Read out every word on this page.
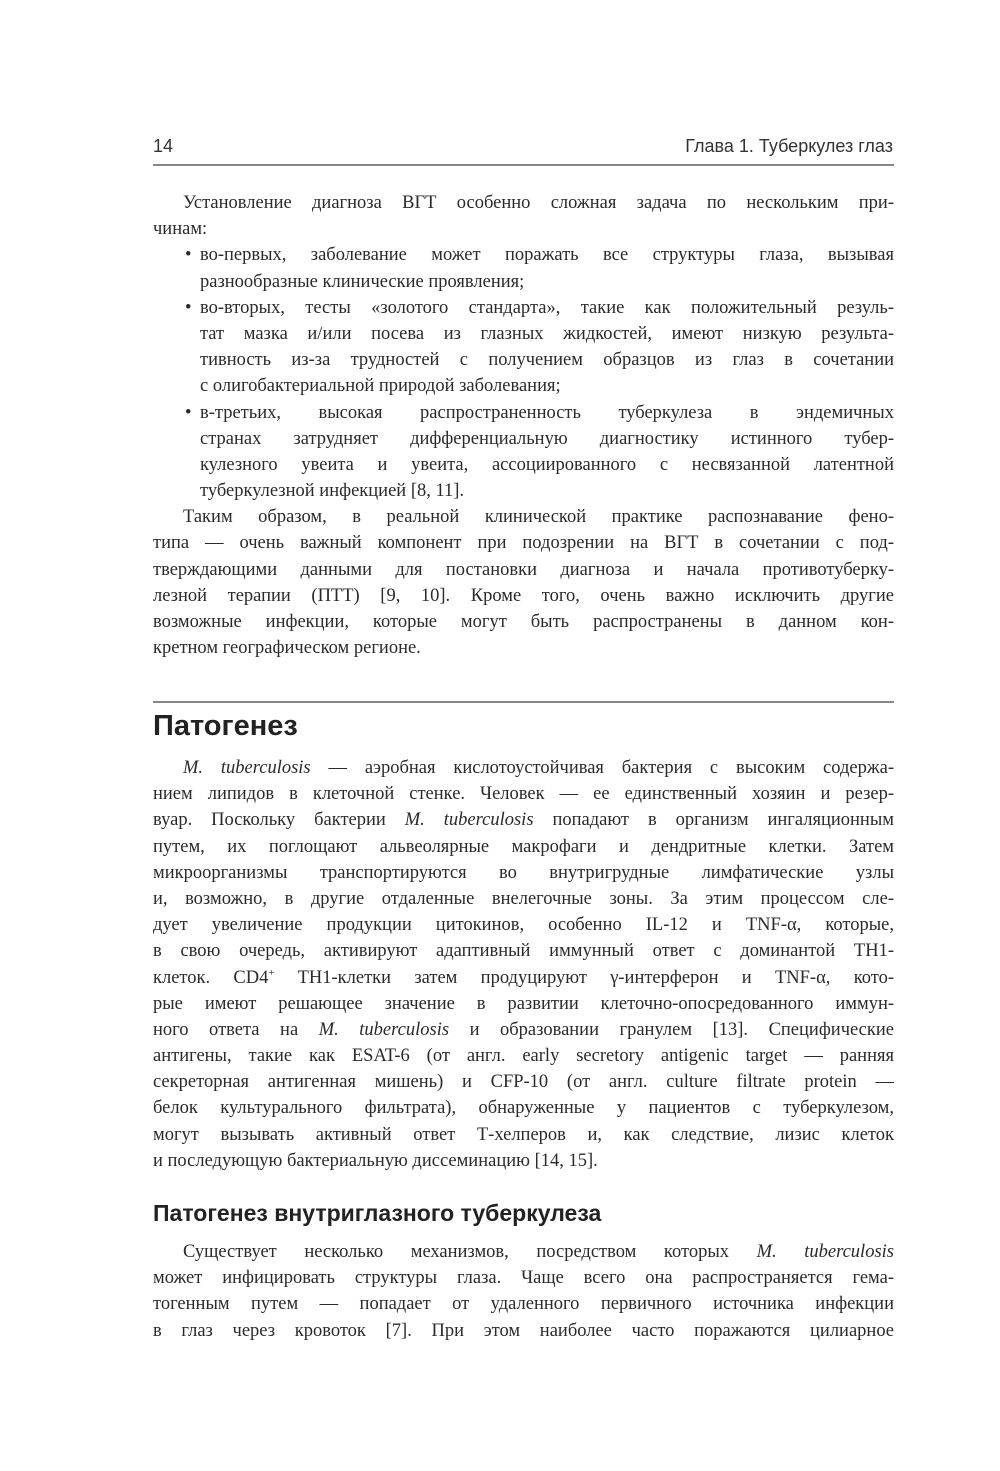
14	Глава 1. Туберкулез глаз
Установление диагноза ВГТ особенно сложная задача по нескольким при-
чинам:
• во-первых, заболевание может поражать все структуры глаза, вызывая
разнообразные клинические проявления;
• во-вторых, тесты «золотого стандарта», такие как положительный резуль-
тат мазка и/или посева из глазных жидкостей, имеют низкую результа-
тивность из-за трудностей с получением образцов из глаз в сочетании
с олигобактериальной природой заболевания;
• в-третьих, высокая распространенность туберкулеза в эндемичных
странах затрудняет дифференциальную диагностику истинного тубер-
кулезного увеита и увеита, ассоциированного с несвязанной латентной
туберкулезной инфекцией [8, 11].
Таким образом, в реальной клинической практике распознавание фено-
типа — очень важный компонент при подозрении на ВГТ в сочетании с под-
тверждающими данными для постановки диагноза и начала противотуберку-
лезной терапии (ПТТ) [9, 10]. Кроме того, очень важно исключить другие
возможные инфекции, которые могут быть распространены в данном кон-
кретном географическом регионе.
Патогенез
M. tuberculosis — аэробная кислотоустойчивая бактерия с высоким содержа-
нием липидов в клеточной стенке. Человек — ее единственный хозяин и резер-
вуар. Поскольку бактерии M. tuberculosis попадают в организм ингаляционным
путем, их поглощают альвеолярные макрофаги и дендритные клетки. Затем
микроорганизмы транспортируются во внутригрудные лимфатические узлы
и, возможно, в другие отдаленные внелегочные зоны. За этим процессом сле-
дует увеличение продукции цитокинов, особенно IL-12 и TNF-α, которые,
в свою очередь, активируют адаптивный иммунный ответ с доминантой TH1-
клеток. CD4+ TH1-клетки затем продуцируют γ-интерферон и TNF-α, кото-
рые имеют решающее значение в развитии клеточно-опосредованного иммун-
ного ответа на M. tuberculosis и образовании гранулем [13]. Специфические
антигены, такие как ESAT-6 (от англ. early secretory antigenic target — ранняя
секреторная антигенная мишень) и CFP-10 (от англ. culture filtrate protein —
белок культурального фильтрата), обнаруженные у пациентов с туберкулезом,
могут вызывать активный ответ Т-хелперов и, как следствие, лизис клеток
и последующую бактериальную диссеминацию [14, 15].
Патогенез внутриглазного туберкулеза
Существует несколько механизмов, посредством которых M. tuberculosis
может инфицировать структуры глаза. Чаще всего она распространяется гема-
тогенным путем — попадает от удаленного первичного источника инфекции
в глаз через кровоток [7]. При этом наиболее часто поражаются цилиарное
